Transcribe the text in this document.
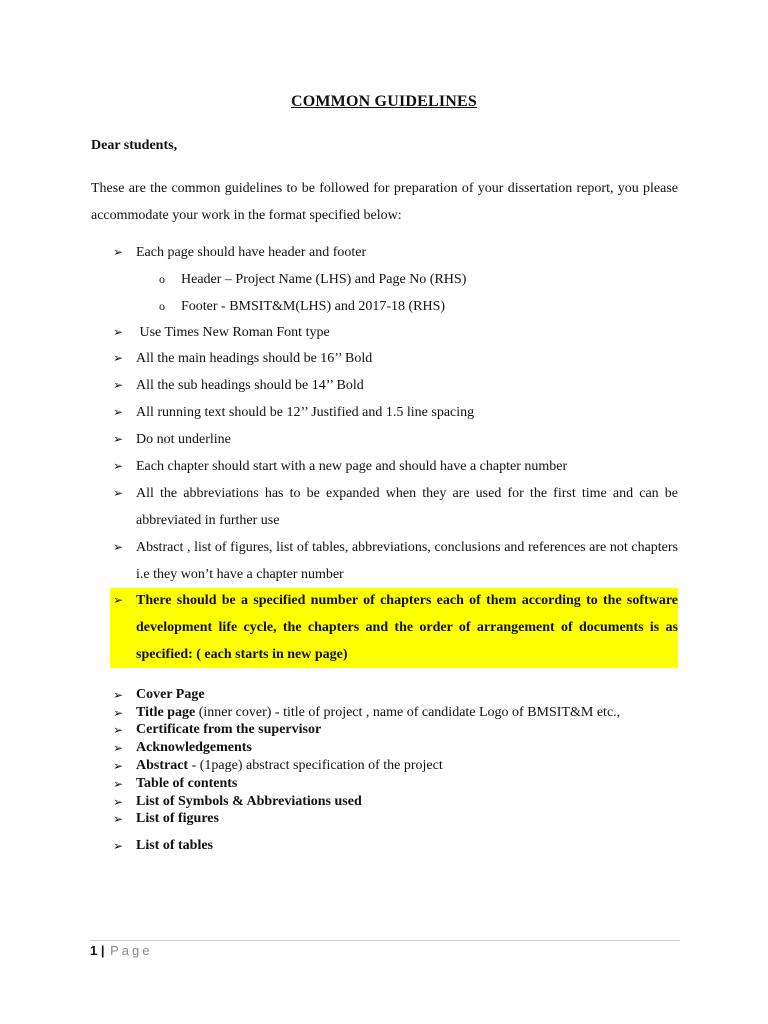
COMMON GUIDELINES
Dear students,
These are the common guidelines to be followed for preparation of your dissertation report, you please accommodate your work in the format specified below:
➢ Each page should have header and footer
o Header – Project Name (LHS) and Page No (RHS)
o Footer - BMSIT&M(LHS) and 2017-18 (RHS)
➢ Use Times New Roman Font type
➢ All the main headings should be 16’’ Bold
➢ All the sub headings should be 14’’ Bold
➢ All running text should be 12’’ Justified and 1.5 line spacing
➢ Do not underline
➢ Each chapter should start with a new page and should have a chapter number
➢ All the abbreviations has to be expanded when they are used for the first time and can be abbreviated in further use
➢ Abstract , list of figures, list of tables, abbreviations, conclusions and references are not chapters i.e they won’t have a chapter number
➢ There should be a specified number of chapters each of them according to the software development life cycle, the chapters and the order of arrangement of documents is as specified: ( each starts in new page)
➢ Cover Page
➢ Title page (inner cover) - title of project , name of candidate Logo of BMSIT&M etc.,
➢ Certificate from the supervisor
➢ Acknowledgements
➢ Abstract - (1page) abstract specification of the project
➢ Table of contents
➢ List of Symbols & Abbreviations used
➢ List of figures
➢ List of tables
1 | Page
